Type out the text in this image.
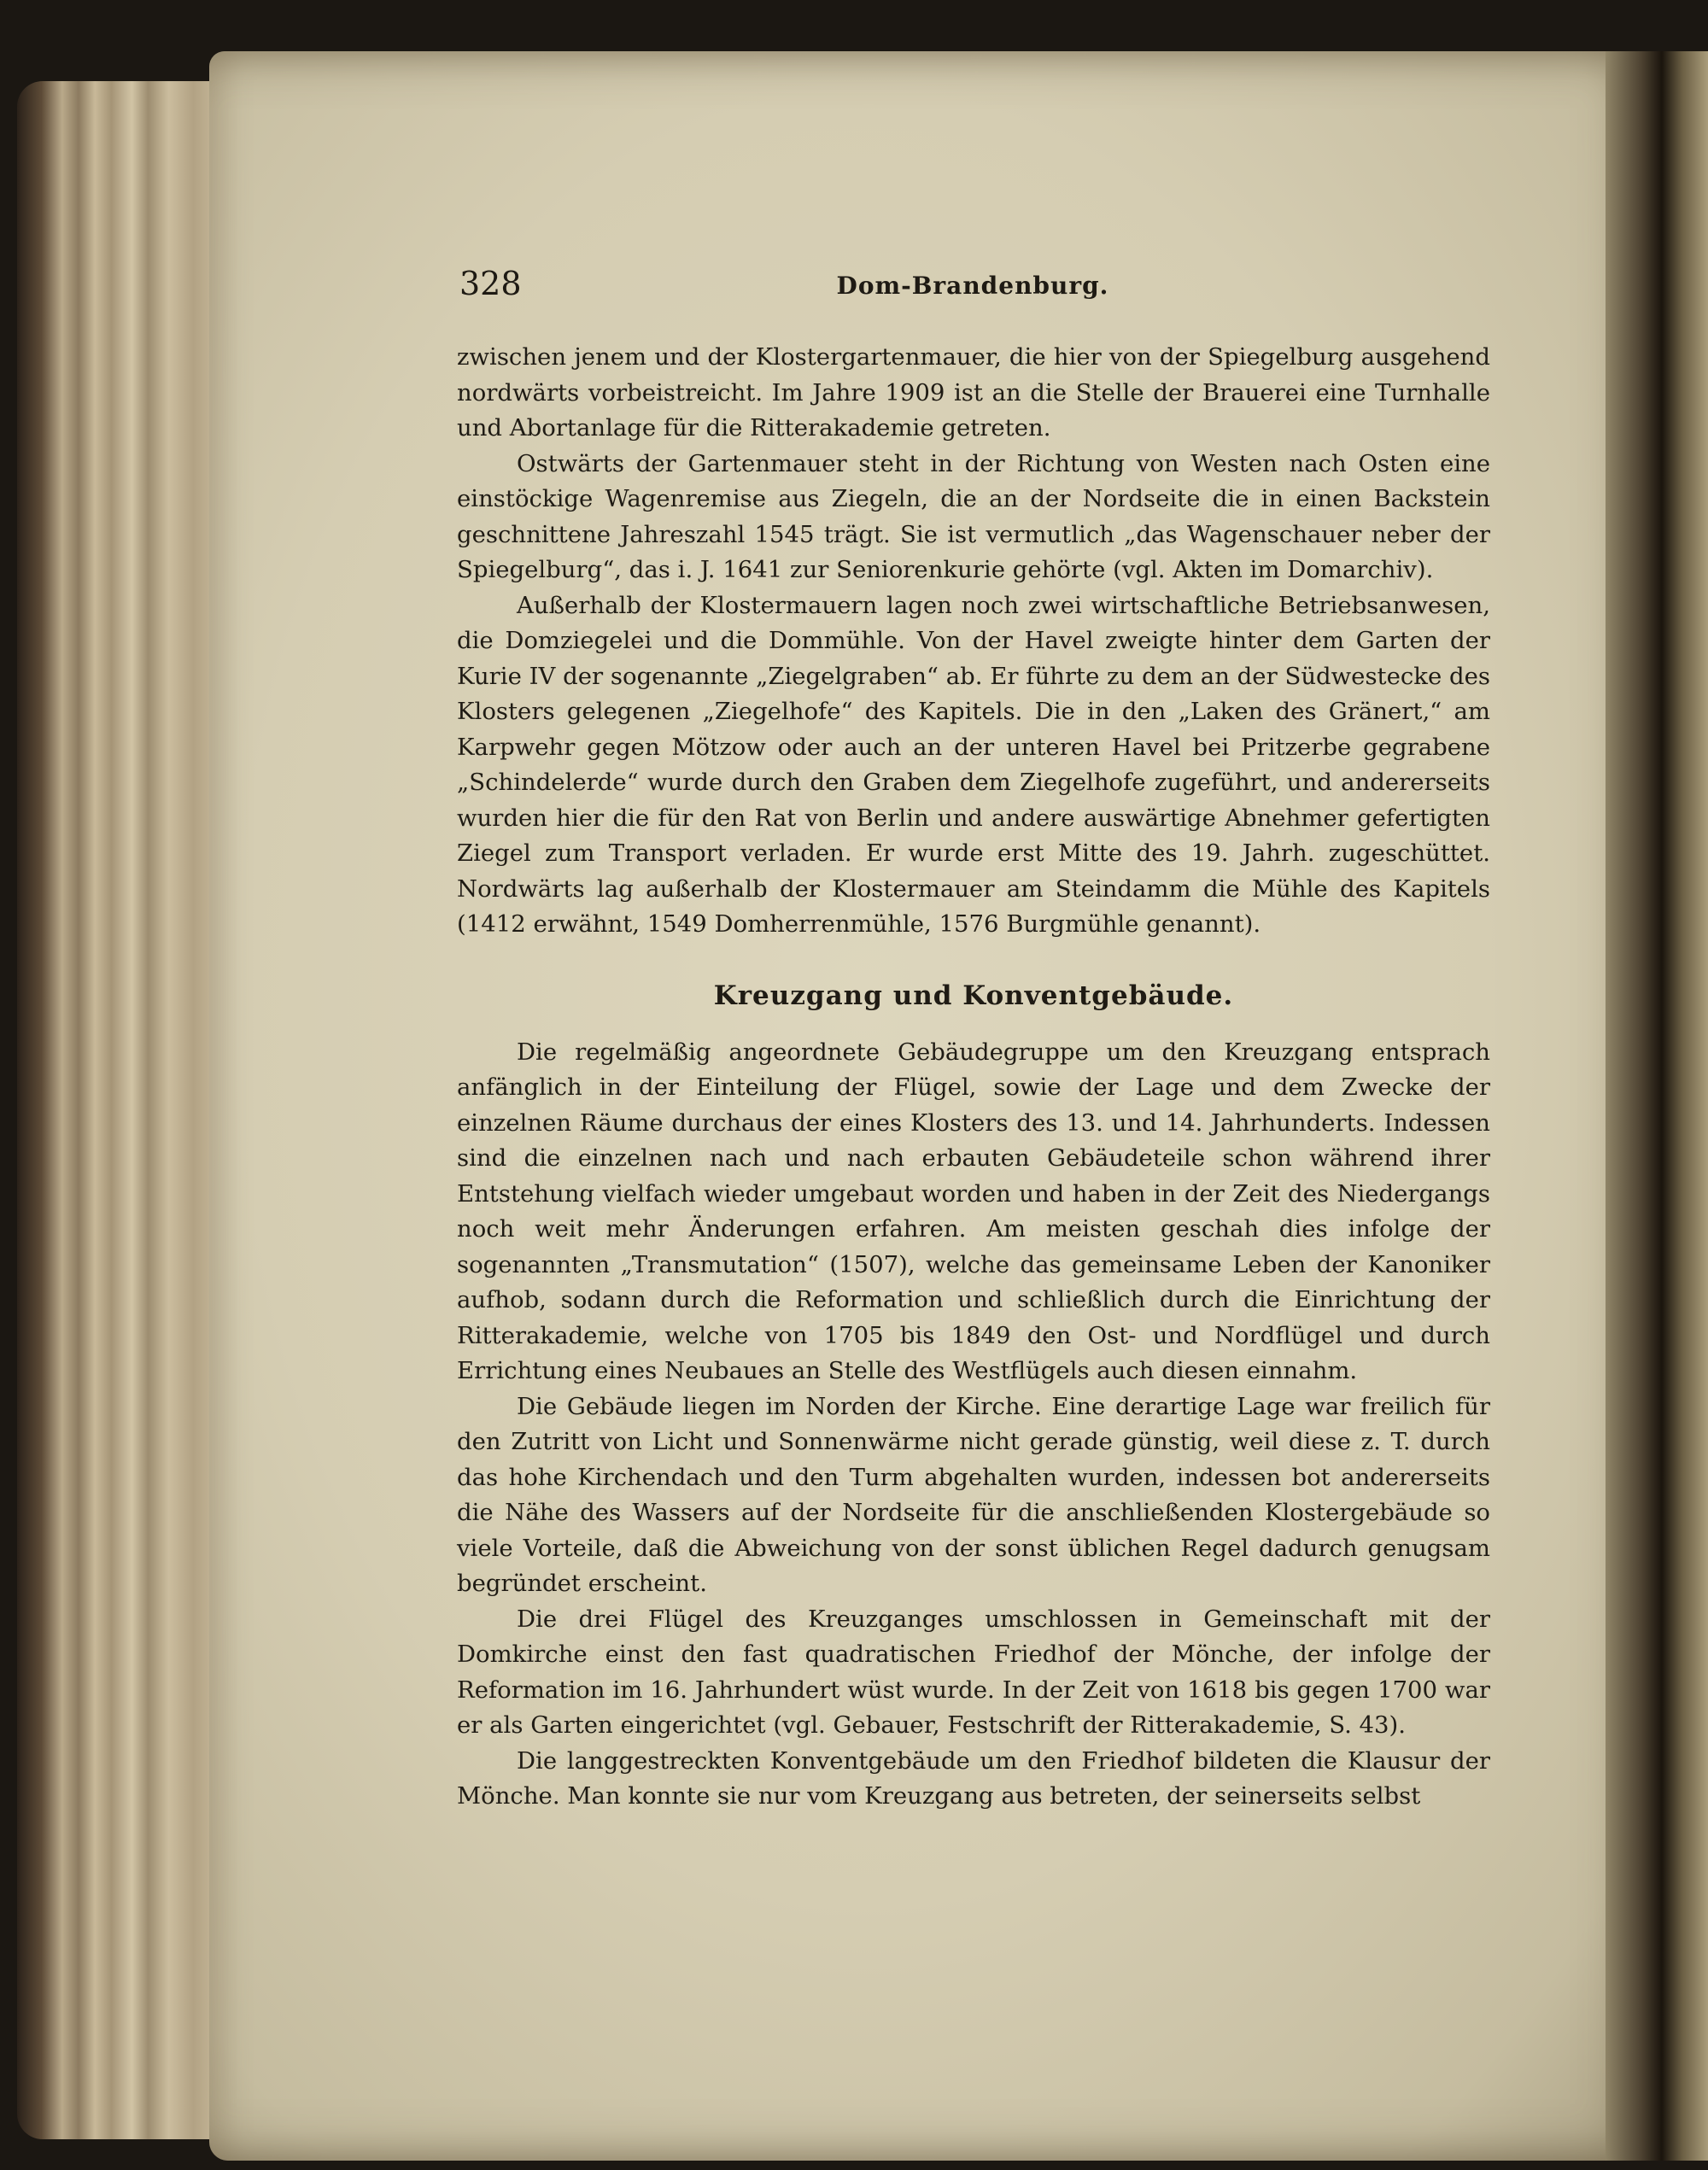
328	Dom-Brandenburg.

zwischen jenem und der Klostergartenmauer, die hier von der Spiegelburg ausgehend nordwärts vorbeistreicht. Im Jahre 1909 ist an die Stelle der Brauerei eine Turnhalle und Abortanlage für die Ritterakademie getreten.

Ostwärts der Gartenmauer steht in der Richtung von Westen nach Osten eine einstöckige Wagenremise aus Ziegeln, die an der Nordseite die in einen Backstein geschnittene Jahreszahl 1545 trägt. Sie ist vermutlich „das Wagenschauer neber der Spiegelburg“, das i. J. 1641 zur Seniorenkurie gehörte (vgl. Akten im Domarchiv).

Außerhalb der Klostermauern lagen noch zwei wirtschaftliche Betriebsanwesen, die Domziegelei und die Dommühle. Von der Havel zweigte hinter dem Garten der Kurie IV der sogenannte „Ziegelgraben“ ab. Er führte zu dem an der Südwestecke des Klosters gelegenen „Ziegelhofe“ des Kapitels. Die in den „Laken des Gränert,“ am Karpwehr gegen Mötzow oder auch an der unteren Havel bei Pritzerbe gegrabene „Schindelerde“ wurde durch den Graben dem Ziegelhofe zugeführt, und andererseits wurden hier die für den Rat von Berlin und andere auswärtige Abnehmer gefertigten Ziegel zum Transport verladen. Er wurde erst Mitte des 19. Jahrh. zugeschüttet. Nordwärts lag außerhalb der Klostermauer am Steindamm die Mühle des Kapitels (1412 erwähnt, 1549 Domherrenmühle, 1576 Burgmühle genannt).

Kreuzgang und Konventgebäude.

Die regelmäßig angeordnete Gebäudegruppe um den Kreuzgang entsprach anfänglich in der Einteilung der Flügel, sowie der Lage und dem Zwecke der einzelnen Räume durchaus der eines Klosters des 13. und 14. Jahrhunderts. Indessen sind die einzelnen nach und nach erbauten Gebäudeteile schon während ihrer Entstehung vielfach wieder umgebaut worden und haben in der Zeit des Niedergangs noch weit mehr Änderungen erfahren. Am meisten geschah dies infolge der sogenannten „Transmutation“ (1507), welche das gemeinsame Leben der Kanoniker aufhob, sodann durch die Reformation und schließlich durch die Einrichtung der Ritterakademie, welche von 1705 bis 1849 den Ost- und Nordflügel und durch Errichtung eines Neubaues an Stelle des Westflügels auch diesen einnahm.

Die Gebäude liegen im Norden der Kirche. Eine derartige Lage war freilich für den Zutritt von Licht und Sonnenwärme nicht gerade günstig, weil diese z. T. durch das hohe Kirchendach und den Turm abgehalten wurden, indessen bot andererseits die Nähe des Wassers auf der Nordseite für die anschließenden Klostergebäude so viele Vorteile, daß die Abweichung von der sonst üblichen Regel dadurch genugsam begründet erscheint.

Die drei Flügel des Kreuzganges umschlossen in Gemeinschaft mit der Domkirche einst den fast quadratischen Friedhof der Mönche, der infolge der Reformation im 16. Jahrhundert wüst wurde. In der Zeit von 1618 bis gegen 1700 war er als Garten eingerichtet (vgl. Gebauer, Festschrift der Ritterakademie, S. 43).

Die langgestreckten Konventgebäude um den Friedhof bildeten die Klausur der Mönche. Man konnte sie nur vom Kreuzgang aus betreten, der seinerseits selbst
